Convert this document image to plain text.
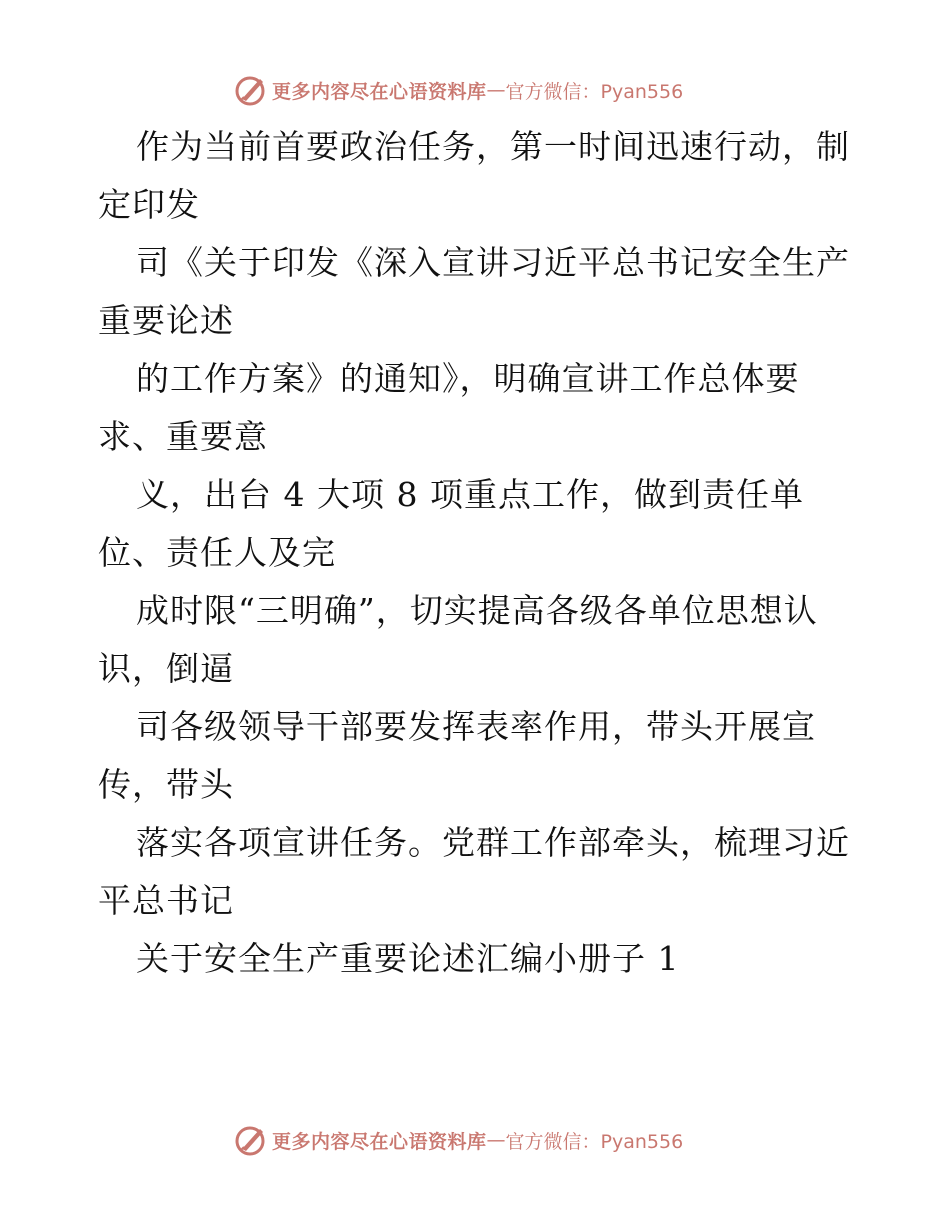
更多内容尽在心语资料库 — 官方微信：Pyan556
作为当前首要政治任务，第一时间迅速行动，制
定印发
司《关于印发《深入宣讲习近平总书记安全生产
重要论述
的工作方案》的通知》，明确宣讲工作总体要
求、重要意
义，出台 4 大项 8 项重点工作，做到责任单
位、责任人及完
成时限“三明确”，切实提高各级各单位思想认
识，倒逼
司各级领导干部要发挥表率作用，带头开展宣
传，带头
落实各项宣讲任务。党群工作部牵头，梳理习近
平总书记
关于安全生产重要论述汇编小册子 1
更多内容尽在心语资料库 — 官方微信：Pyan556
